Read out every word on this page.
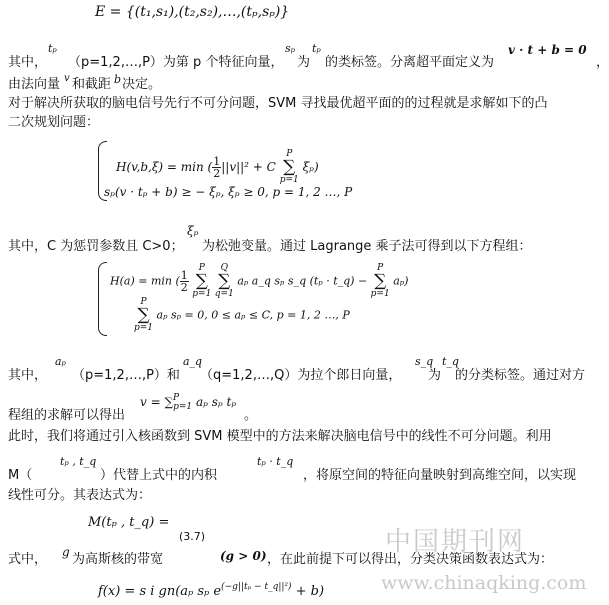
E = {(t₁,s₁),(t₂,s₂),…,(tₚ,sₚ)}
tₚ	sₚ tₚ	v · t + b = 0
其中， （p=1,2,…,P）为第 p 个特征向量， 为 的类标签。分离超平面定义为	，
由法向量 v 和截距 b 决定。
对于解决所获取的脑电信号先行不可分问题，SVM 寻找最优超平面的的过程就是求解如下的凸
二次规划问题：
H(v,b,ξ) = min ( $\frac{1}{2} ||v||^2 + C$ P
∑
p=1 ξₚ)
sₚ(v · tₚ + b) ≥ − ξₚ, ξₚ ≥ 0, p = 1, 2 …, P
其中，C 为惩罚参数且 C>0；
ξₚ
为松弛变量。通过 Lagrange 乘子法可得到以下方程组：
H(a) = min ( $\frac{1}{2}$
P
∑
p=1 Q
∑
q=1 aₚ a_q sₚ s_q (tₚ · t_q) − P
∑
p=1 aₚ)
P
∑
p=1 aₚ sₚ = 0, 0 ≤ aₚ ≤ C, p = 1, 2 …, P
aₚ	a_q	s_q t_q
其中， （p=1,2,…,P）和 （q=1,2,…,Q）为拉个郎日向量， 为 的分类标签。通过对方
程组的求解可以得出
v = ∑$^P_{p=1}$ aₚ sₚ tₚ
。
此时，我们将通过引入核函数到 SVM 模型中的方法来解决脑电信号中的线性不可分问题。利用
tₚ , t_q	tₚ · t_q
M（	）代替上式中的内积	，将原空间的特征向量映射到高维空间，以实现
线性可分。其表达式为：
M(tₚ , t_q) =
(3.7)	中国期刊网
www.chinaqking.com
式中， g 为高斯核的带宽	(g > 0) ，在此前提下可以得出，分类决策函数表达式为：
f(x) = s i gn(aₚ sₚ $e^{(-g||t_p - t\_q||^2)} + b$)
